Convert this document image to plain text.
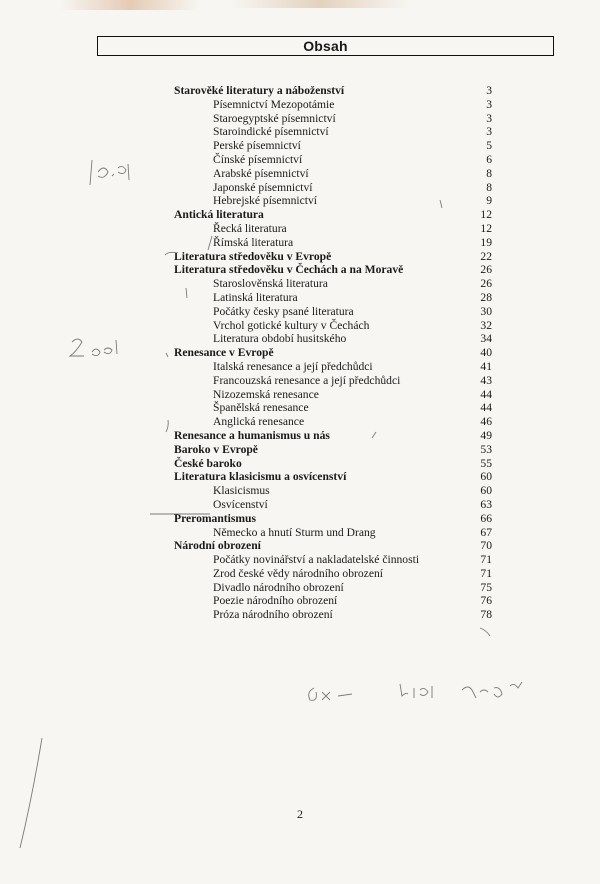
Obsah
Starověké literatury a náboženství	3
Písemnictví Mezopotámie	3
Staroegyptské písemnictví	3
Staroindické písemnictví	3
Perské písemnictví	5
Čínské písemnictví	6
Arabské písemnictví	8
Japonské písemnictví	8
Hebrejské písemnictví	9
Antická literatura	12
Řecká literatura	12
Římská literatura	19
Literatura středověku v Evropě	22
Literatura středověku v Čechách a na Moravě	26
Staroslověnská literatura	26
Latinská literatura	28
Počátky česky psané literatura	30
Vrchol gotické kultury v Čechách	32
Literatura období husitského	34
Renesance v Evropě	40
Italská renesance a její předchůdci	41
Francouzská renesance a její předchůdci	43
Nizozemská renesance	44
Španělská renesance	44
Anglická renesance	46
Renesance a humanismus u nás	49
Baroko v Evropě	53
České baroko	55
Literatura klasicismu a osvícenství	60
Klasicismus	60
Osvícenství	63
Preromantismus	66
Německo a hnutí Sturm und Drang	67
Národní obrození	70
Počátky novinářství a nakladatelské činnosti	71
Zrod české vědy národního obrození	71
Divadlo národního obrození	75
Poezie národního obrození	76
Próza národního obrození	78
2
